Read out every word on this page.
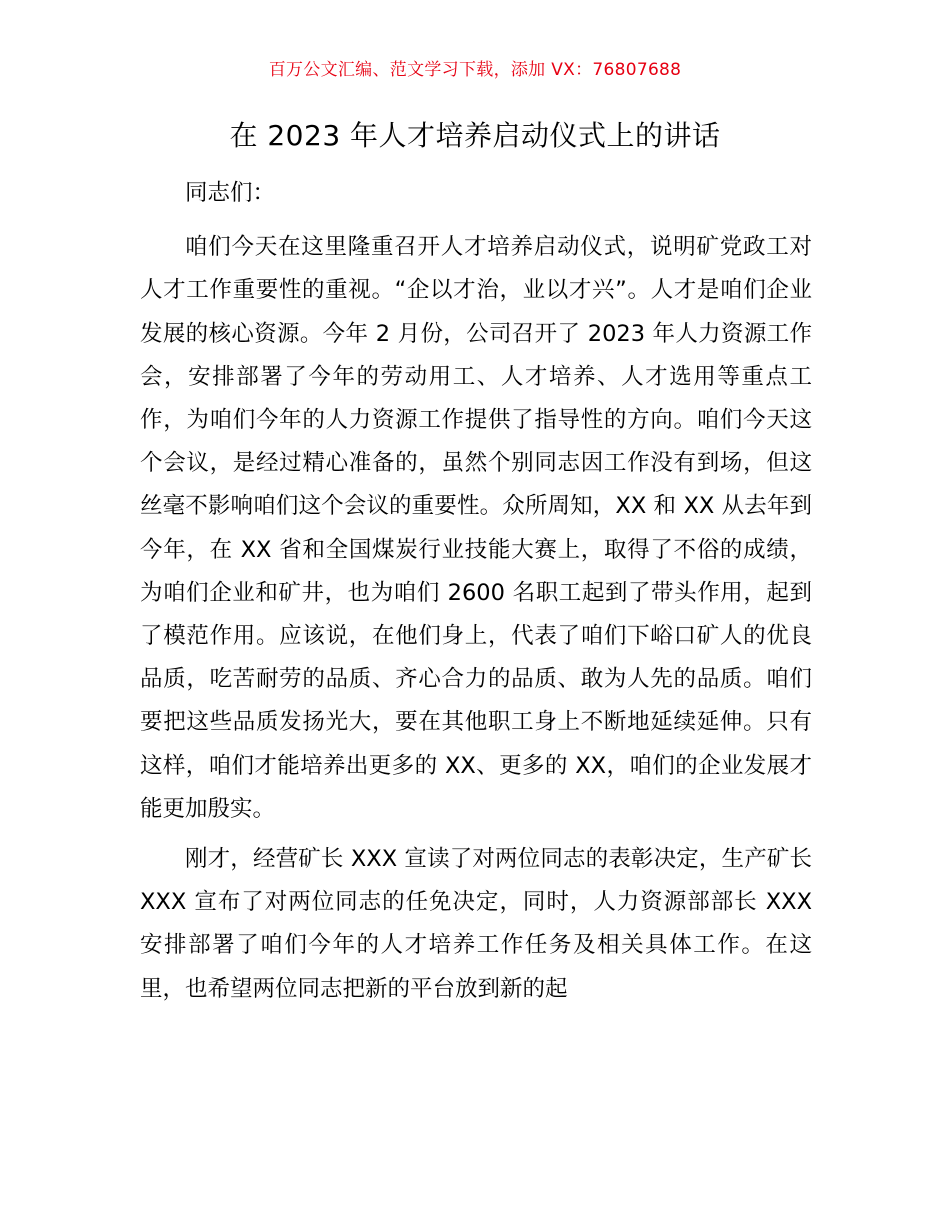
百万公文汇编、范文学习下载，添加 VX：76807688
在 2023 年人才培养启动仪式上的讲话

同志们：

咱们今天在这里隆重召开人才培养启动仪式，说明矿党政工对人才工作重要性的重视。“企以才治，业以才兴”。人才是咱们企业发展的核心资源。今年 2 月份，公司召开了 2023 年人力资源工作会，安排部署了今年的劳动用工、人才培养、人才选用等重点工作，为咱们今年的人力资源工作提供了指导性的方向。咱们今天这个会议，是经过精心准备的，虽然个别同志因工作没有到场，但这丝毫不影响咱们这个会议的重要性。众所周知，XX 和 XX 从去年到今年，在 XX 省和全国煤炭行业技能大赛上，取得了不俗的成绩，为咱们企业和矿井，也为咱们 2600 名职工起到了带头作用，起到了模范作用。应该说，在他们身上，代表了咱们下峪口矿人的优良品质，吃苦耐劳的品质、齐心合力的品质、敢为人先的品质。咱们要把这些品质发扬光大，要在其他职工身上不断地延续延伸。只有这样，咱们才能培养出更多的 XX、更多的 XX，咱们的企业发展才能更加殷实。

刚才，经营矿长 XXX 宣读了对两位同志的表彰决定，生产矿长 XXX 宣布了对两位同志的任免决定，同时，人力资源部部长 XXX 安排部署了咱们今年的人才培养工作任务及相关具体工作。在这里，也希望两位同志把新的平台放到新的起
